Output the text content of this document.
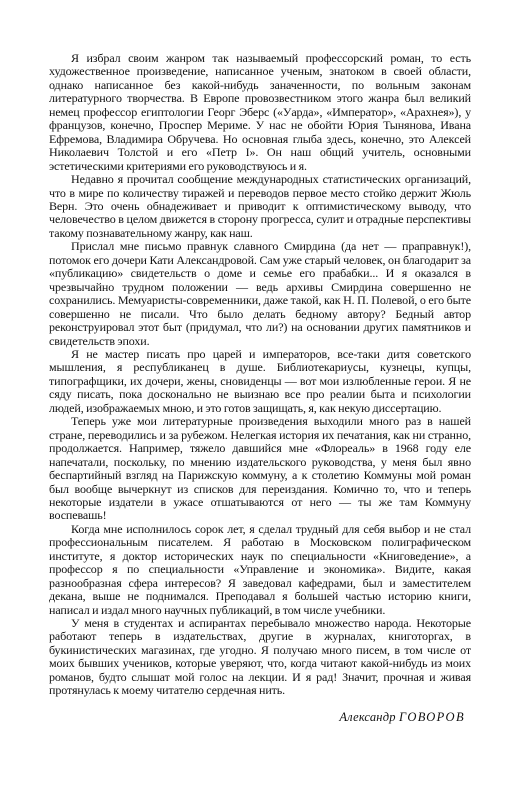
Я избрал своим жанром так называемый профессорский роман, то есть художественное произведение, написанное ученым, знатоком в своей области, однако написанное без какой-нибудь заначенности, по вольным законам литературного творчества. В Европе провозвестником этого жанра был великий немец профессор египтологии Георг Эберс («Уарда», «Император», «Арахнея»), у французов, конечно, Проспер Мериме. У нас не обойти Юрия Тынянова, Ивана Ефремова, Владимира Обручева. Но основная глыба здесь, конечно, это Алексей Николаевич Толстой и его «Петр I». Он наш общий учитель, основными эстетическими критериями его руководствуюсь и я.

Недавно я прочитал сообщение международных статистических организаций, что в мире по количеству тиражей и переводов первое место стойко держит Жюль Верн. Это очень обнадеживает и приводит к оптимистическому выводу, что человечество в целом движется в сторону прогресса, сулит и отрадные перспективы такому познавательному жанру, как наш.

Прислал мне письмо правнук славного Смирдина (да нет — праправнук!), потомок его дочери Кати Александровой. Сам уже старый человек, он благодарит за «публикацию» свидетельств о доме и семье его прабабки... И я оказался в чрезвычайно трудном положении — ведь архивы Смирдина совершенно не сохранились. Мемуаристы-современники, даже такой, как Н. П. Полевой, о его быте совершенно не писали. Что было делать бедному автору? Бедный автор реконструировал этот быт (придумал, что ли?) на основании других памятников и свидетельств эпохи.

Я не мастер писать про царей и императоров, все-таки дитя советского мышления, я республиканец в душе. Библиотекариусы, кузнецы, купцы, типографщики, их дочери, жены, сновиденцы — вот мои излюбленные герои. Я не сяду писать, пока досконально не выизнаю все про реалии быта и психологии людей, изображаемых мною, и это готов защищать, я, как некую диссертацию.

Теперь уже мои литературные произведения выходили много раз в нашей стране, переводились и за рубежом. Нелегкая история их печатания, как ни странно, продолжается. Например, тяжело давшийся мне «Флореаль» в 1968 году еле напечатали, поскольку, по мнению издательского руководства, у меня был явно беспартийный взгляд на Парижскую коммуну, а к столетию Коммуны мой роман был вообще вычеркнут из списков для переиздания. Комично то, что и теперь некоторые издатели в ужасе отшатываются от него — ты же там Коммуну воспевашь!

Когда мне исполнилось сорок лет, я сделал трудный для себя выбор и не стал профессиональным писателем. Я работаю в Московском полиграфическом институте, я доктор исторических наук по специальности «Книговедение», а профессор я по специальности «Управление и экономика». Видите, какая разнообразная сфера интересов? Я заведовал кафедрами, был и заместителем декана, выше не поднимался. Преподавал я большей частью историю книги, написал и издал много научных публикаций, в том числе учебники.

У меня в студентах и аспирантах перебывало множество народа. Некоторые работают теперь в издательствах, другие в журналах, книготоргах, в букинистических магазинах, где угодно. Я получаю много писем, в том числе от моих бывших учеников, которые уверяют, что, когда читают какой-нибудь из моих романов, будто слышат мой голос на лекции. И я рад! Значит, прочная и живая протянулась к моему читателю сердечная нить.

Александр ГОВОРОВ
